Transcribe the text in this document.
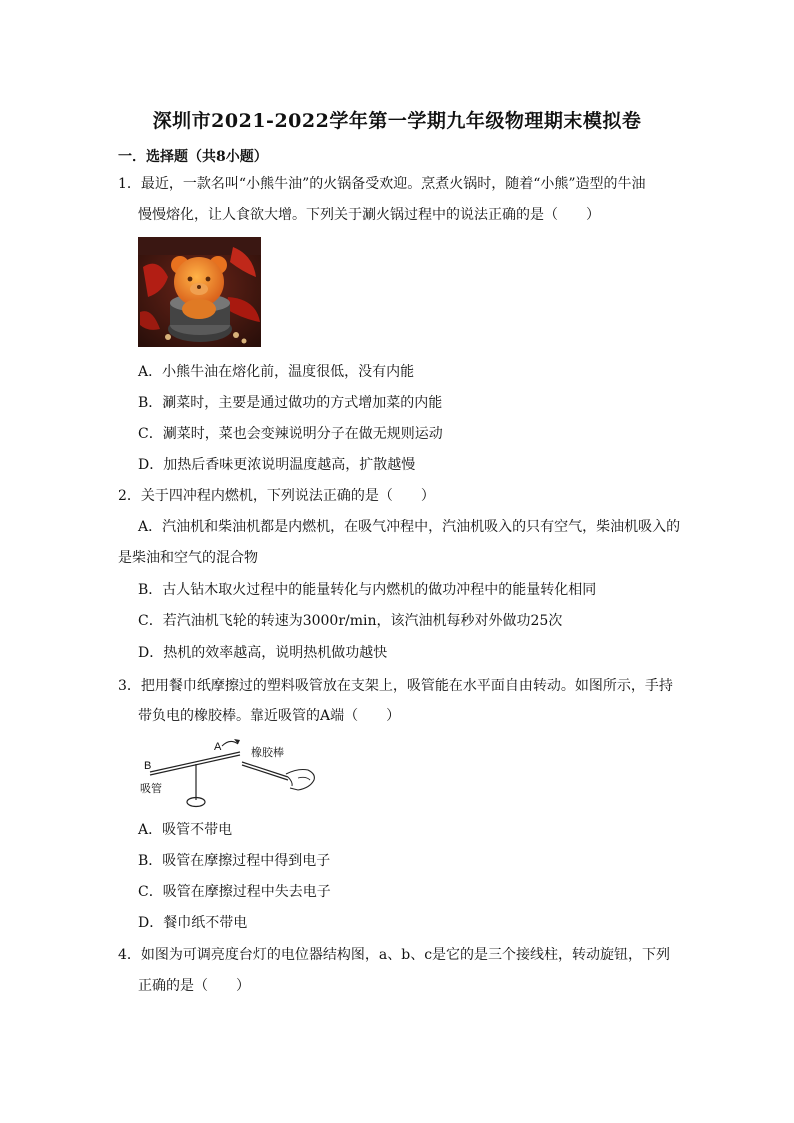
深圳市2021-2022学年第一学期九年级物理期末模拟卷
一．选择题（共8小题）
1．最近，一款名叫“小熊牛油”的火锅备受欢迎。烹煮火锅时，随着“小熊”造型的牛油
慢慢熔化，让人食欲大增。下列关于涮火锅过程中的说法正确的是（　　）
A．小熊牛油在熔化前，温度很低，没有内能
B．涮菜时，主要是通过做功的方式增加菜的内能
C．涮菜时，菜也会变辣说明分子在做无规则运动
D．加热后香味更浓说明温度越高，扩散越慢
2．关于四冲程内燃机，下列说法正确的是（　　）
A．汽油机和柴油机都是内燃机，在吸气冲程中，汽油机吸入的只有空气，柴油机吸入的
是柴油和空气的混合物
B．古人钻木取火过程中的能量转化与内燃机的做功冲程中的能量转化相同
C．若汽油机飞轮的转速为3000r/min，该汽油机每秒对外做功25次
D．热机的效率越高，说明热机做功越快
3．把用餐巾纸摩擦过的塑料吸管放在支架上，吸管能在水平面自由转动。如图所示，手持
带负电的橡胶棒。靠近吸管的A端（　　）
A
B
吸管
橡胶棒
A．吸管不带电
B．吸管在摩擦过程中得到电子
C．吸管在摩擦过程中失去电子
D．餐巾纸不带电
4．如图为可调亮度台灯的电位器结构图，a、b、c是它的是三个接线柱，转动旋钮，下列
正确的是（　　）
